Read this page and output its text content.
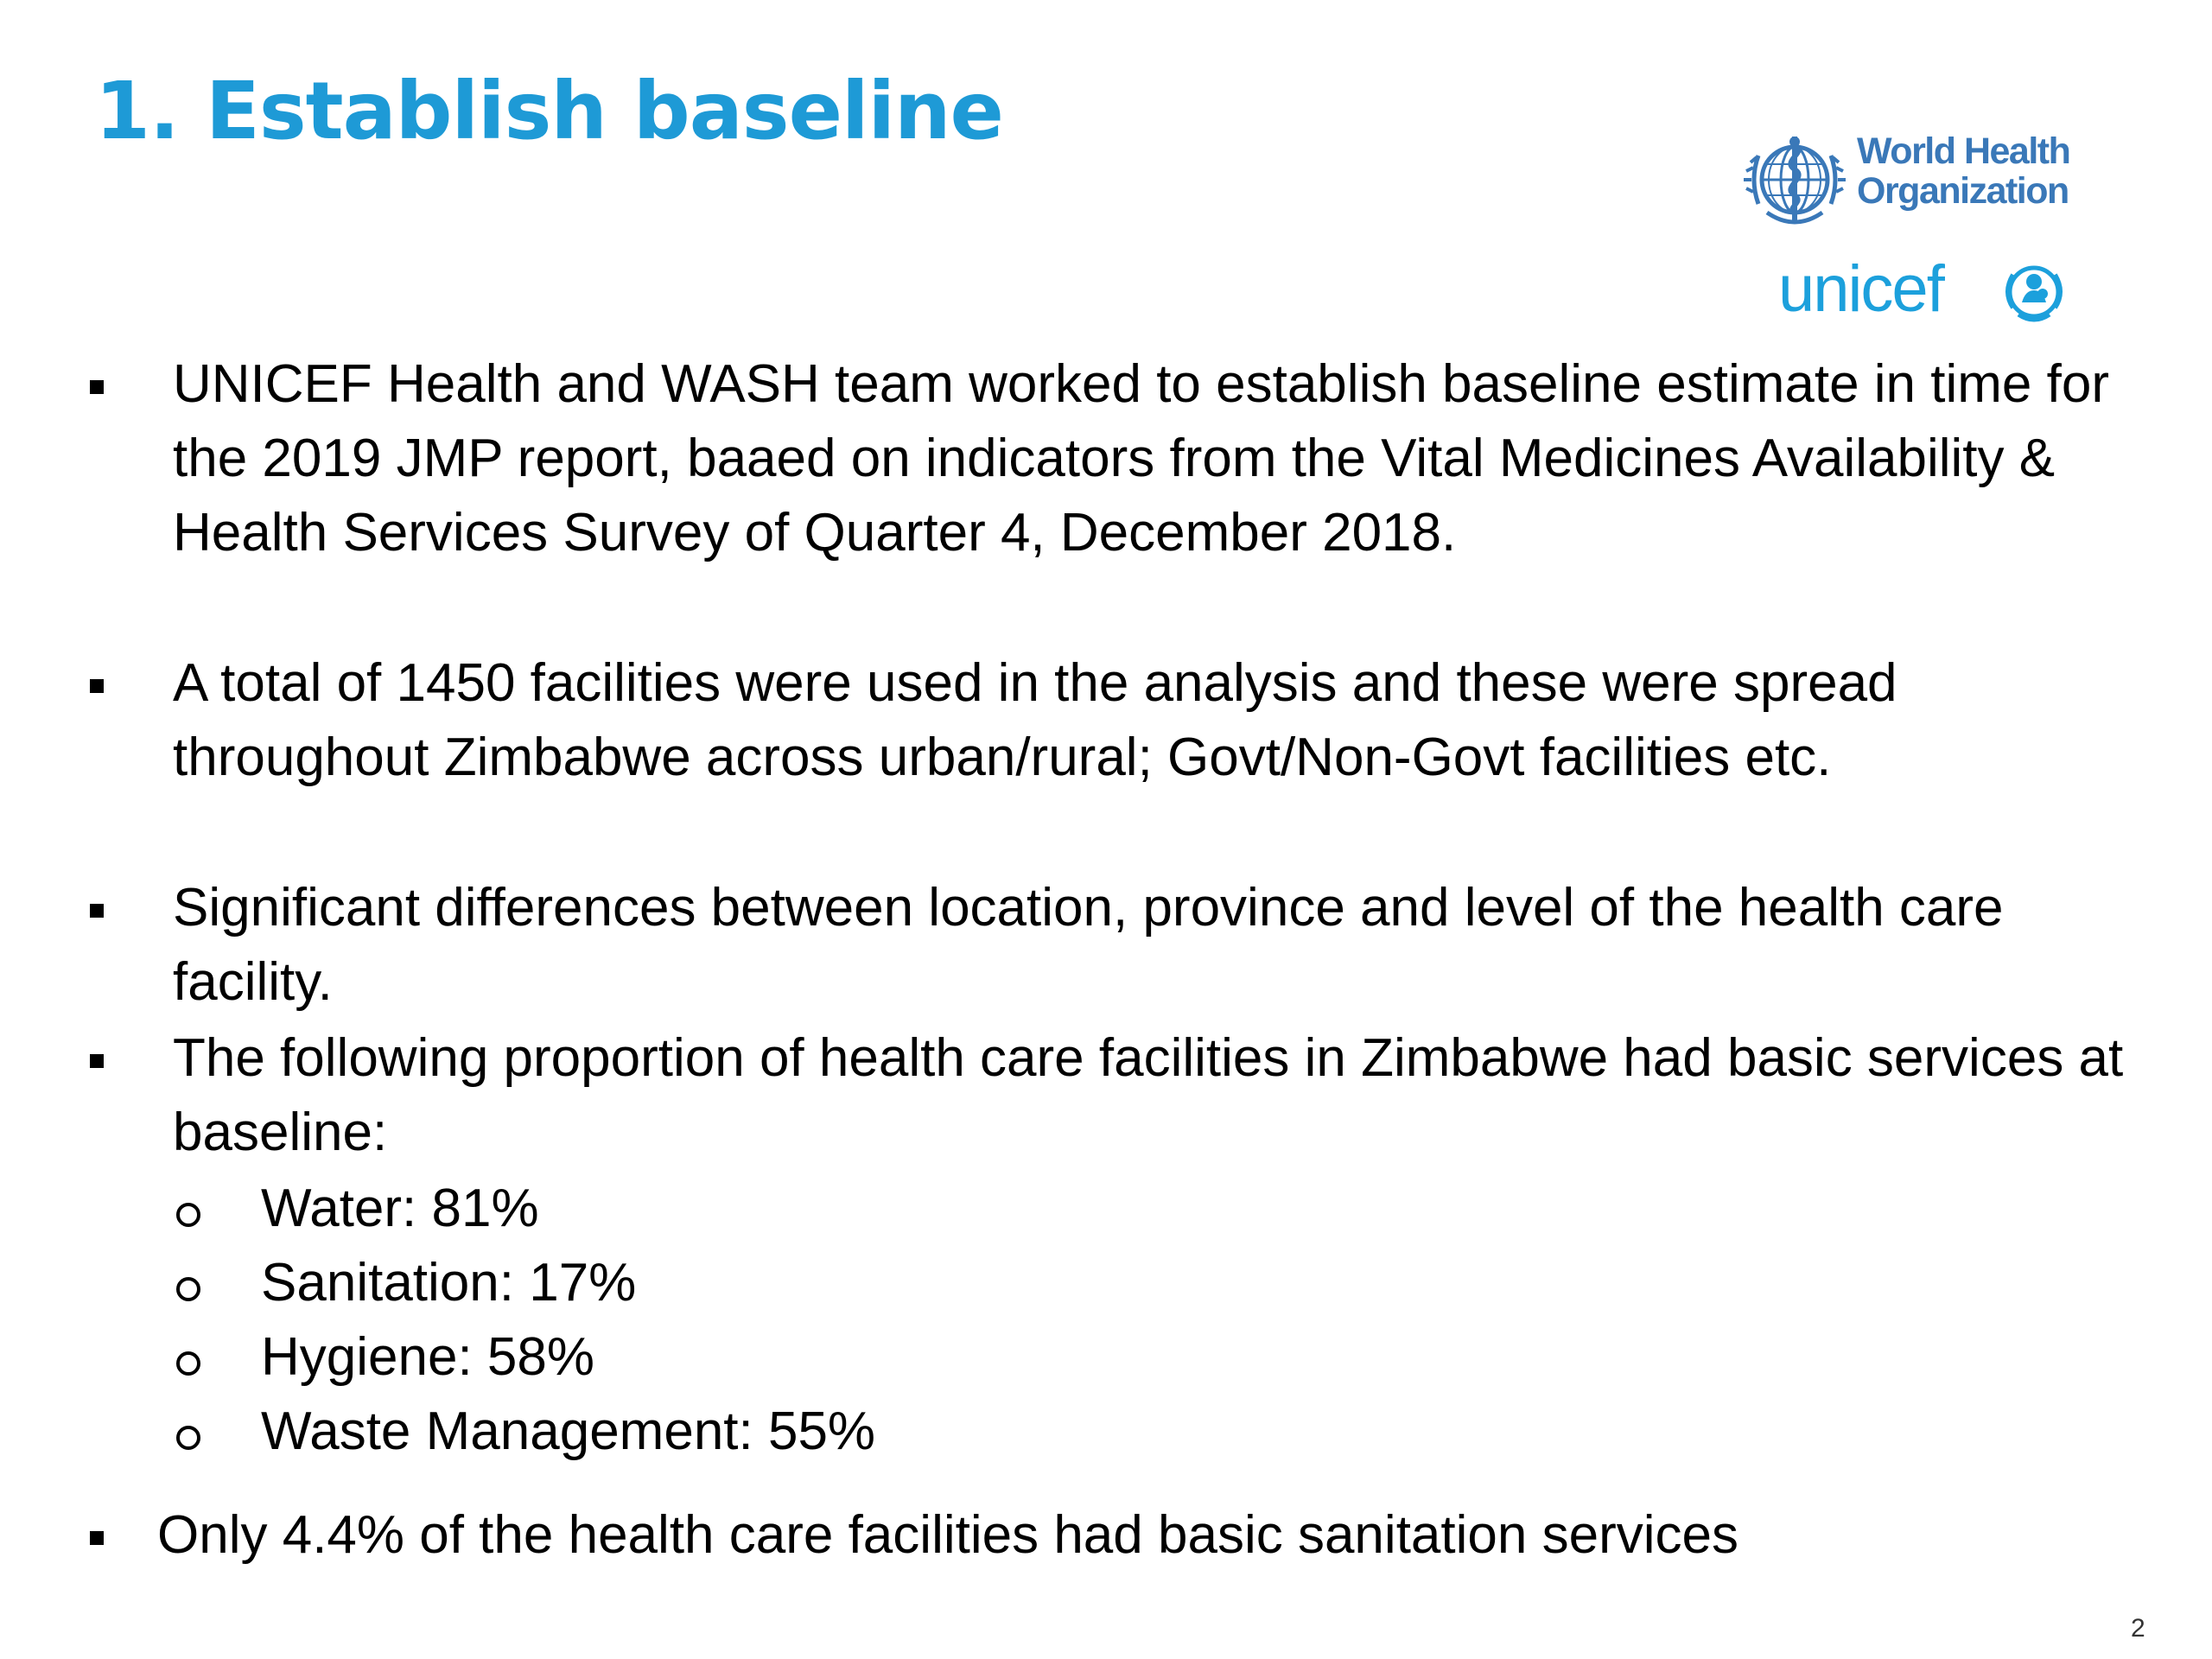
1. Establish baseline	World Health
Organization
unicef

UNICEF Health and WASH team worked to establish baseline estimate in time for the 2019 JMP report, baaed on indicators from the Vital Medicines Availability & Health Services Survey of Quarter 4, December 2018.

A total of 1450 facilities were used in the analysis and these were spread throughout Zimbabwe across urban/rural; Govt/Non-Govt facilities etc.

Significant differences between location, province and level of the health care facility.

The following proportion of health care facilities in Zimbabwe had basic services at baseline:

Water: 81%
Sanitation: 17%
Hygiene: 58%
Waste Management: 55%

Only 4.4% of the health care facilities had basic sanitation services

2
